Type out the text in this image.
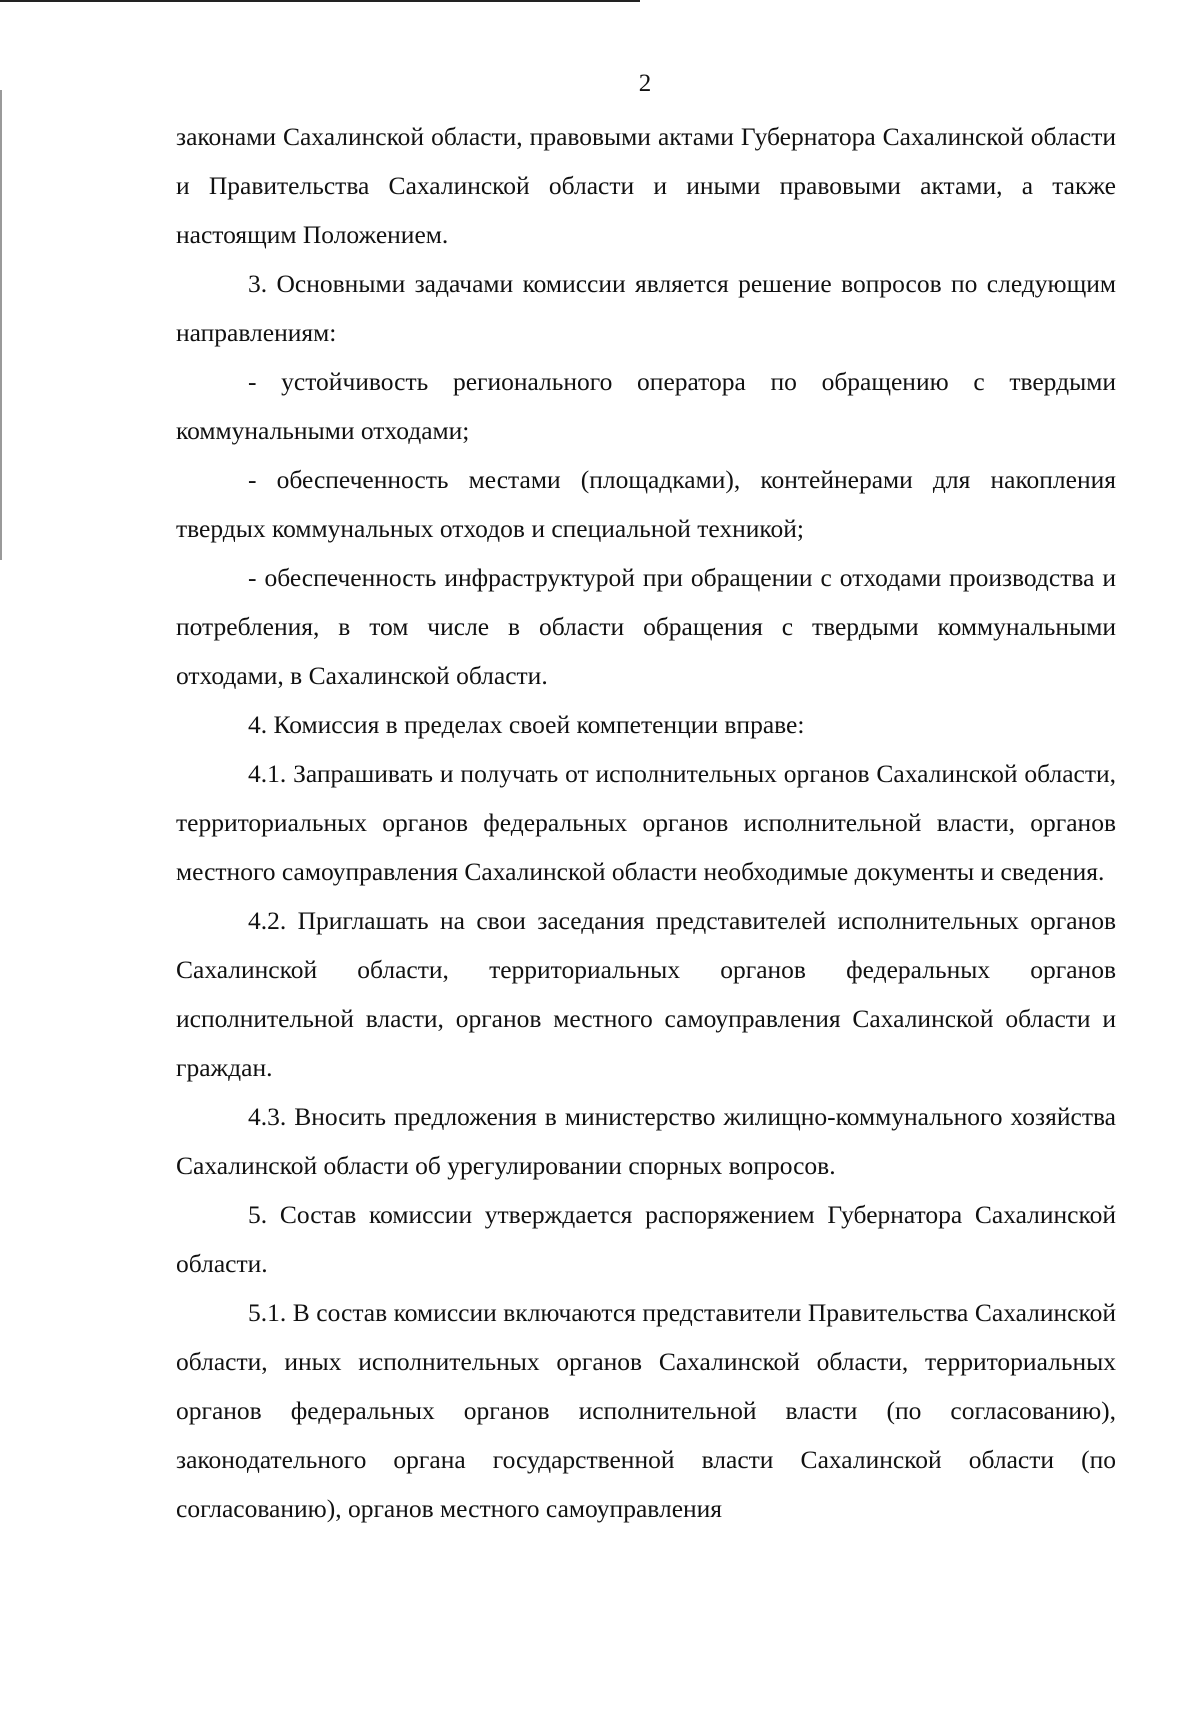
2

законами Сахалинской области, правовыми актами Губернатора Сахалинской области и Правительства Сахалинской области и иными правовыми актами, а также настоящим Положением.

3. Основными задачами комиссии является решение вопросов по следующим направлениям:

- устойчивость регионального оператора по обращению с твердыми коммунальными отходами;

- обеспеченность местами (площадками), контейнерами для накопления твердых коммунальных отходов и специальной техникой;

- обеспеченность инфраструктурой при обращении с отходами производства и потребления, в том числе в области обращения с твердыми коммунальными отходами, в Сахалинской области.

4. Комиссия в пределах своей компетенции вправе:

4.1. Запрашивать и получать от исполнительных органов Сахалинской области, территориальных органов федеральных органов исполнительной власти, органов местного самоуправления Сахалинской области необходимые документы и сведения.

4.2. Приглашать на свои заседания представителей исполнительных органов Сахалинской области, территориальных органов федеральных органов исполнительной власти, органов местного самоуправления Сахалинской области и граждан.

4.3. Вносить предложения в министерство жилищно-коммунального хозяйства Сахалинской области об урегулировании спорных вопросов.

5. Состав комиссии утверждается распоряжением Губернатора Сахалинской области.

5.1. В состав комиссии включаются представители Правительства Сахалинской области, иных исполнительных органов Сахалинской области, территориальных органов федеральных органов исполнительной власти (по согласованию), законодательного органа государственной власти Сахалинской области (по согласованию), органов местного самоуправления
